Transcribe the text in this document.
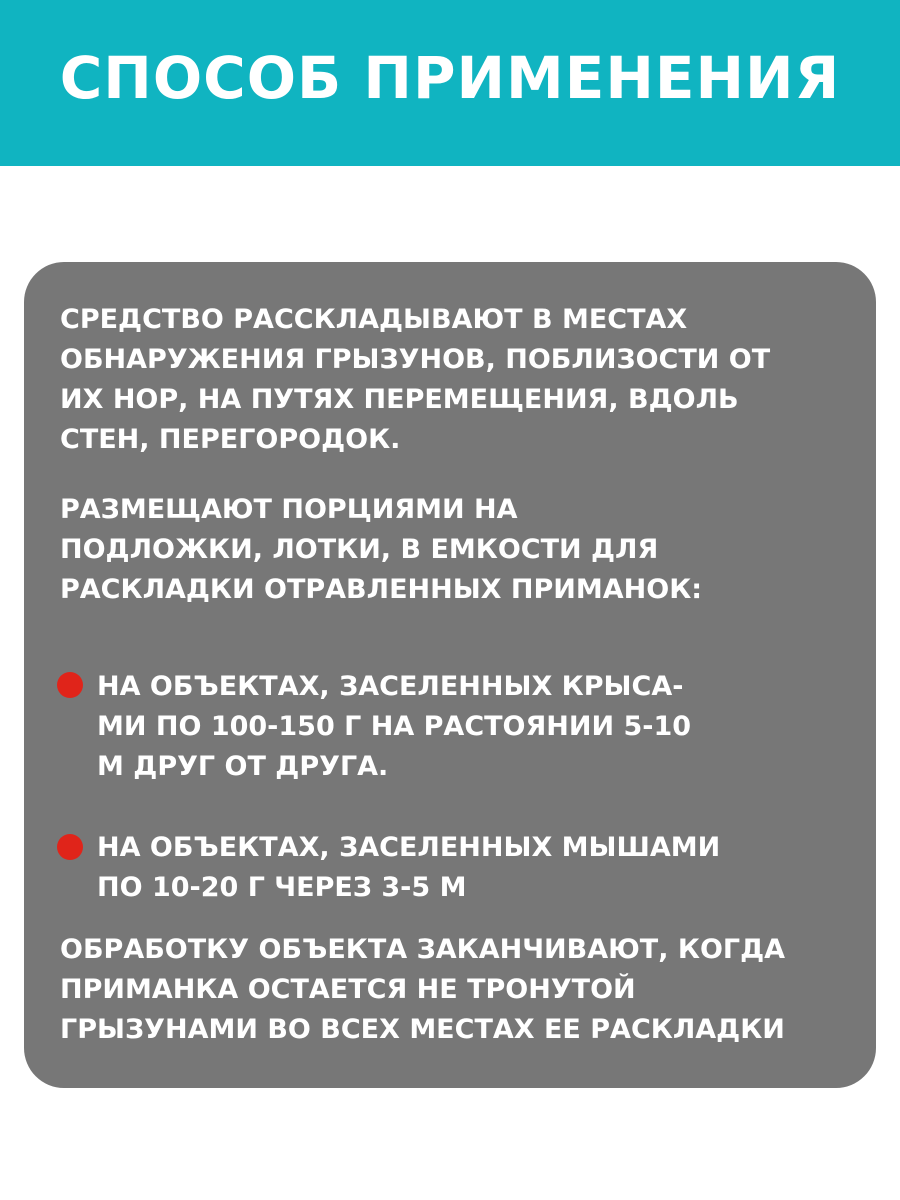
СПОСОБ ПРИМЕНЕНИЯ
СРЕДСТВО РАССКЛАДЫВАЮТ В МЕСТАХ
ОБНАРУЖЕНИЯ ГРЫЗУНОВ, ПОБЛИЗОСТИ ОТ
ИХ НОР, НА ПУТЯХ ПЕРЕМЕЩЕНИЯ, ВДОЛЬ
СТЕН, ПЕРЕГОРОДОК.
РАЗМЕЩАЮТ ПОРЦИЯМИ НА
ПОДЛОЖКИ, ЛОТКИ, В ЕМКОСТИ ДЛЯ
РАСКЛАДКИ ОТРАВЛЕННЫХ ПРИМАНОК:
НА ОБЪЕКТАХ, ЗАСЕЛЕННЫХ КРЫСА-
МИ ПО 100-150 Г НА РАСТОЯНИИ 5-10
М ДРУГ ОТ ДРУГА.
НА ОБЪЕКТАХ, ЗАСЕЛЕННЫХ МЫШАМИ
ПО 10-20 Г ЧЕРЕЗ 3-5 М
ОБРАБОТКУ ОБЪЕКТА ЗАКАНЧИВАЮТ, КОГДА
ПРИМАНКА ОСТАЕТСЯ НЕ ТРОНУТОЙ
ГРЫЗУНАМИ ВО ВСЕХ МЕСТАХ ЕЕ РАСКЛАДКИ
